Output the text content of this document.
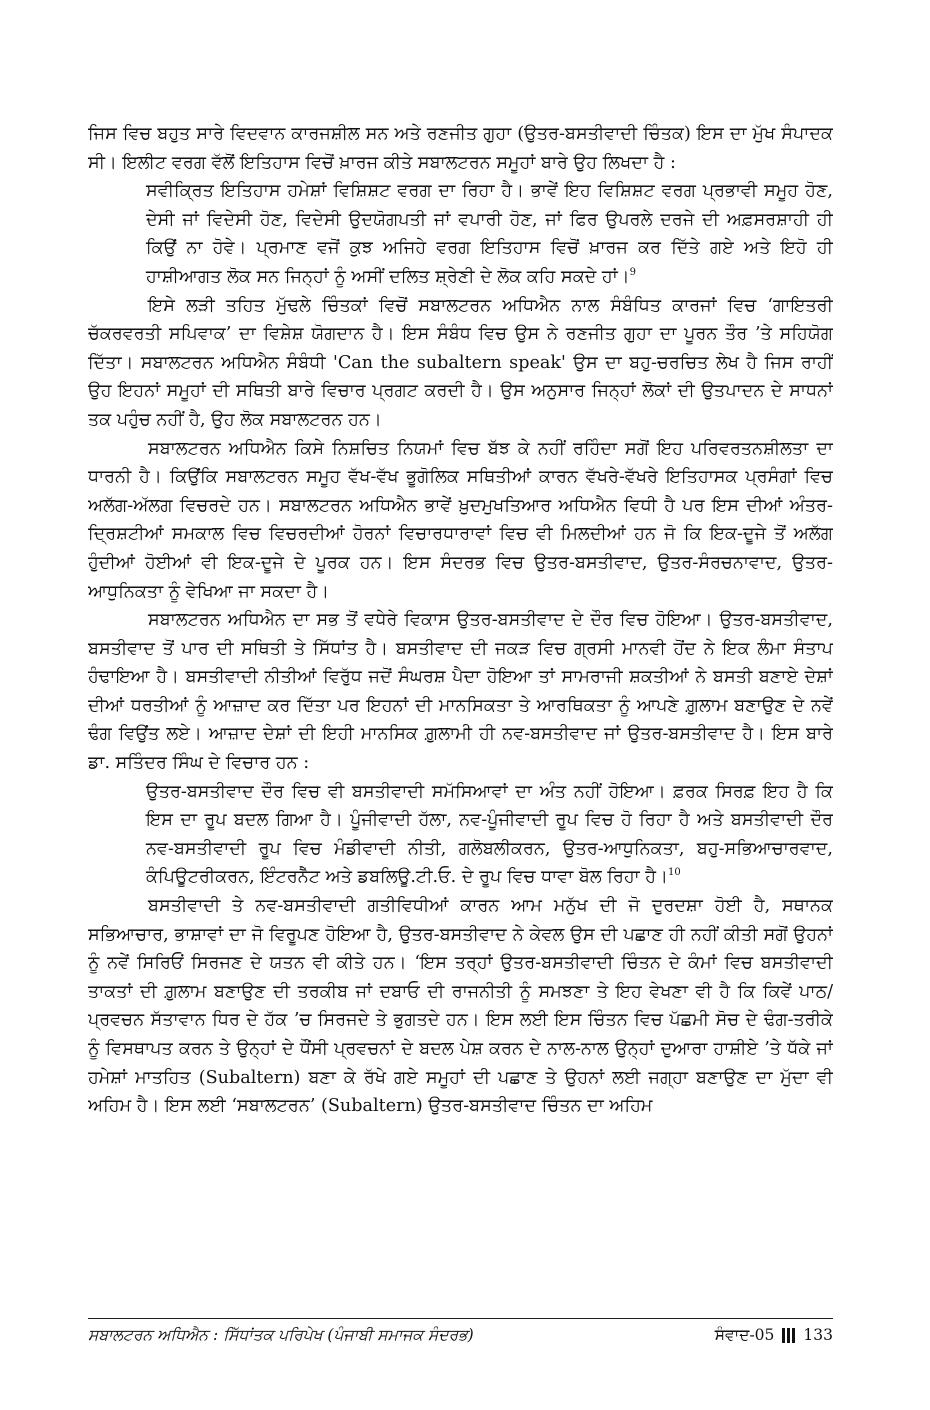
ਜਿਸ ਵਿਚ ਬਹੁਤ ਸਾਰੇ ਵਿਦਵਾਨ ਕਾਰਜਸ਼ੀਲ ਸਨ ਅਤੇ ਰਣਜੀਤ ਗੁਹਾ (ਉਤਰ-ਬਸਤੀਵਾਦੀ ਚਿੰਤਕ) ਇਸ ਦਾ ਮੁੱਖ ਸੰਪਾਦਕ ਸੀ। ਇਲੀਟ ਵਰਗ ਵੱਲੋਂ ਇਤਿਹਾਸ ਵਿਚੋਂ ਖ਼ਾਰਜ ਕੀਤੇ ਸਬਾਲਟਰਨ ਸਮੂਹਾਂ ਬਾਰੇ ਉਹ ਲਿਖਦਾ ਹੈ :

ਸਵੀਕ੍ਰਿਤ ਇਤਿਹਾਸ ਹਮੇਸ਼ਾਂ ਵਿਸ਼ਿਸ਼ਟ ਵਰਗ ਦਾ ਰਿਹਾ ਹੈ। ਭਾਵੇਂ ਇਹ ਵਿਸ਼ਿਸ਼ਟ ਵਰਗ ਪ੍ਰਭਾਵੀ ਸਮੂਹ ਹੋਣ, ਦੇਸੀ ਜਾਂ ਵਿਦੇਸੀ ਹੋਣ, ਵਿਦੇਸੀ ਉਦਯੋਗਪਤੀ ਜਾਂ ਵਪਾਰੀ ਹੋਣ, ਜਾਂ ਫਿਰ ਉਪਰਲੇ ਦਰਜੇ ਦੀ ਅਫ਼ਸਰਸ਼ਾਹੀ ਹੀ ਕਿਉਂ ਨਾ ਹੋਵੇ। ਪ੍ਰਮਾਣ ਵਜੋਂ ਕੁਝ ਅਜਿਹੇ ਵਰਗ ਇਤਿਹਾਸ ਵਿਚੋਂ ਖ਼ਾਰਜ ਕਰ ਦਿੱਤੇ ਗਏ ਅਤੇ ਇਹੋ ਹੀ ਹਾਸ਼ੀਆਗਤ ਲੋਕ ਸਨ ਜਿਨ੍ਹਾਂ ਨੂੰ ਅਸੀਂ ਦਲਿਤ ਸ਼੍ਰੇਣੀ ਦੇ ਲੋਕ ਕਹਿ ਸਕਦੇ ਹਾਂ।$^9$

ਇਸੇ ਲੜੀ ਤਹਿਤ ਮੁੱਢਲੇ ਚਿੰਤਕਾਂ ਵਿਚੋਂ ਸਬਾਲਟਰਨ ਅਧਿਐਨ ਨਾਲ ਸੰਬੰਧਿਤ ਕਾਰਜਾਂ ਵਿਚ ‘ਗਾਇਤਰੀ ਚੱਕਰਵਰਤੀ ਸਪਿਵਾਕ’ ਦਾ ਵਿਸ਼ੇਸ਼ ਯੋਗਦਾਨ ਹੈ। ਇਸ ਸੰਬੰਧ ਵਿਚ ਉਸ ਨੇ ਰਣਜੀਤ ਗੁਹਾ ਦਾ ਪੂਰਨ ਤੌਰ ’ਤੇ ਸਹਿਯੋਗ ਦਿੱਤਾ। ਸਬਾਲਟਰਨ ਅਧਿਐਨ ਸੰਬੰਧੀ 'Can the subaltern speak' ਉਸ ਦਾ ਬਹੁ-ਚਰਚਿਤ ਲੇਖ ਹੈ ਜਿਸ ਰਾਹੀਂ ਉਹ ਇਹਨਾਂ ਸਮੂਹਾਂ ਦੀ ਸਥਿਤੀ ਬਾਰੇ ਵਿਚਾਰ ਪ੍ਰਗਟ ਕਰਦੀ ਹੈ। ਉਸ ਅਨੁਸਾਰ ਜਿਨ੍ਹਾਂ ਲੋਕਾਂ ਦੀ ਉਤਪਾਦਨ ਦੇ ਸਾਧਨਾਂ ਤਕ ਪਹੁੰਚ ਨਹੀਂ ਹੈ, ਉਹ ਲੋਕ ਸਬਾਲਟਰਨ ਹਨ।

ਸਬਾਲਟਰਨ ਅਧਿਐਨ ਕਿਸੇ ਨਿਸ਼ਚਿਤ ਨਿਯਮਾਂ ਵਿਚ ਬੱਝ ਕੇ ਨਹੀਂ ਰਹਿੰਦਾ ਸਗੋਂ ਇਹ ਪਰਿਵਰਤਨਸ਼ੀਲਤਾ ਦਾ ਧਾਰਨੀ ਹੈ। ਕਿਉਂਕਿ ਸਬਾਲਟਰਨ ਸਮੂਹ ਵੱਖ-ਵੱਖ ਭੂਗੋਲਿਕ ਸਥਿਤੀਆਂ ਕਾਰਨ ਵੱਖਰੇ-ਵੱਖਰੇ ਇਤਿਹਾਸਕ ਪ੍ਰਸੰਗਾਂ ਵਿਚ ਅਲੱਗ-ਅੱਲਗ ਵਿਚਰਦੇ ਹਨ। ਸਬਾਲਟਰਨ ਅਧਿਐਨ ਭਾਵੇਂ ਖ਼ੁਦਮੁਖਤਿਆਰ ਅਧਿਐਨ ਵਿਧੀ ਹੈ ਪਰ ਇਸ ਦੀਆਂ ਅੰਤਰ-ਦ੍ਰਿਸ਼ਟੀਆਂ ਸਮਕਾਲ ਵਿਚ ਵਿਚਰਦੀਆਂ ਹੋਰਨਾਂ ਵਿਚਾਰਧਾਰਾਵਾਂ ਵਿਚ ਵੀ ਮਿਲਦੀਆਂ ਹਨ ਜੋ ਕਿ ਇਕ-ਦੂਜੇ ਤੋਂ ਅਲੱਗ ਹੁੰਦੀਆਂ ਹੋਈਆਂ ਵੀ ਇਕ-ਦੂਜੇ ਦੇ ਪੂਰਕ ਹਨ। ਇਸ ਸੰਦਰਭ ਵਿਚ ਉਤਰ-ਬਸਤੀਵਾਦ, ਉਤਰ-ਸੰਰਚਨਾਵਾਦ, ਉਤਰ-ਆਧੁਨਿਕਤਾ ਨੂੰ ਵੇਖਿਆ ਜਾ ਸਕਦਾ ਹੈ।

ਸਬਾਲਟਰਨ ਅਧਿਐਨ ਦਾ ਸਭ ਤੋਂ ਵਧੇਰੇ ਵਿਕਾਸ ਉਤਰ-ਬਸਤੀਵਾਦ ਦੇ ਦੌਰ ਵਿਚ ਹੋਇਆ। ਉਤਰ-ਬਸਤੀਵਾਦ, ਬਸਤੀਵਾਦ ਤੋਂ ਪਾਰ ਦੀ ਸਥਿਤੀ ਤੇ ਸਿੱਧਾਂਤ ਹੈ। ਬਸਤੀਵਾਦ ਦੀ ਜਕੜ ਵਿਚ ਗ੍ਰਸੀ ਮਾਨਵੀ ਹੋਂਦ ਨੇ ਇਕ ਲੰਮਾ ਸੰਤਾਪ ਹੰਢਾਇਆ ਹੈ। ਬਸਤੀਵਾਦੀ ਨੀਤੀਆਂ ਵਿਰੁੱਧ ਜਦੋਂ ਸੰਘਰਸ਼ ਪੈਦਾ ਹੋਇਆ ਤਾਂ ਸਾਮਰਾਜੀ ਸ਼ਕਤੀਆਂ ਨੇ ਬਸਤੀ ਬਣਾਏ ਦੇਸ਼ਾਂ ਦੀਆਂ ਧਰਤੀਆਂ ਨੂੰ ਆਜ਼ਾਦ ਕਰ ਦਿੱਤਾ ਪਰ ਇਹਨਾਂ ਦੀ ਮਾਨਸਿਕਤਾ ਤੇ ਆਰਥਿਕਤਾ ਨੂੰ ਆਪਣੇ ਗ਼ੁਲਾਮ ਬਣਾਉਣ ਦੇ ਨਵੇਂ ਢੰਗ ਵਿਉਂਤ ਲਏ। ਆਜ਼ਾਦ ਦੇਸ਼ਾਂ ਦੀ ਇਹੀ ਮਾਨਸਿਕ ਗ਼ੁਲਾਮੀ ਹੀ ਨਵ-ਬਸਤੀਵਾਦ ਜਾਂ ਉਤਰ-ਬਸਤੀਵਾਦ ਹੈ। ਇਸ ਬਾਰੇ ਡਾ. ਸਤਿੰਦਰ ਸਿੰਘ ਦੇ ਵਿਚਾਰ ਹਨ :

ਉਤਰ-ਬਸਤੀਵਾਦ ਦੌਰ ਵਿਚ ਵੀ ਬਸਤੀਵਾਦੀ ਸਮੱਸਿਆਵਾਂ ਦਾ ਅੰਤ ਨਹੀਂ ਹੋਇਆ। ਫ਼ਰਕ ਸਿਰਫ਼ ਇਹ ਹੈ ਕਿ ਇਸ ਦਾ ਰੂਪ ਬਦਲ ਗਿਆ ਹੈ। ਪੂੰਜੀਵਾਦੀ ਹੱਲਾ, ਨਵ-ਪੂੰਜੀਵਾਦੀ ਰੂਪ ਵਿਚ ਹੋ ਰਿਹਾ ਹੈ ਅਤੇ ਬਸਤੀਵਾਦੀ ਦੌਰ ਨਵ-ਬਸਤੀਵਾਦੀ ਰੂਪ ਵਿਚ ਮੰਡੀਵਾਦੀ ਨੀਤੀ, ਗਲੋਬਲੀਕਰਨ, ਉਤਰ-ਆਧੁਨਿਕਤਾ, ਬਹੁ-ਸਭਿਆਚਾਰਵਾਦ, ਕੰਪਿਊਟਰੀਕਰਨ, ਇੰਟਰਨੈੱਟ ਅਤੇ ਡਬਲਿਊ.ਟੀ.ਓ. ਦੇ ਰੂਪ ਵਿਚ ਧਾਵਾ ਬੋਲ ਰਿਹਾ ਹੈ।$^{10}$

ਬਸਤੀਵਾਦੀ ਤੇ ਨਵ-ਬਸਤੀਵਾਦੀ ਗਤੀਵਿਧੀਆਂ ਕਾਰਨ ਆਮ ਮਨੁੱਖ ਦੀ ਜੋ ਦੁਰਦਸ਼ਾ ਹੋਈ ਹੈ, ਸਥਾਨਕ ਸਭਿਆਚਾਰ, ਭਾਸ਼ਾਵਾਂ ਦਾ ਜੋ ਵਿਰੂਪਣ ਹੋਇਆ ਹੈ, ਉਤਰ-ਬਸਤੀਵਾਦ ਨੇ ਕੇਵਲ ਉਸ ਦੀ ਪਛਾਣ ਹੀ ਨਹੀਂ ਕੀਤੀ ਸਗੋਂ ਉਹਨਾਂ ਨੂੰ ਨਵੇਂ ਸਿਰਿਓਂ ਸਿਰਜਣ ਦੇ ਯਤਨ ਵੀ ਕੀਤੇ ਹਨ। ‘ਇਸ ਤਰ੍ਹਾਂ ਉਤਰ-ਬਸਤੀਵਾਦੀ ਚਿੰਤਨ ਦੇ ਕੰਮਾਂ ਵਿਚ ਬਸਤੀਵਾਦੀ ਤਾਕਤਾਂ ਦੀ ਗ਼ੁਲਾਮ ਬਣਾਉਣ ਦੀ ਤਰਕੀਬ ਜਾਂ ਦਬਾਓ ਦੀ ਰਾਜਨੀਤੀ ਨੂੰ ਸਮਝਣਾ ਤੇ ਇਹ ਵੇਖਣਾ ਵੀ ਹੈ ਕਿ ਕਿਵੇਂ ਪਾਠ/ਪ੍ਰਵਚਨ ਸੱਤਾਵਾਨ ਧਿਰ ਦੇ ਹੱਕ ’ਚ ਸਿਰਜਦੇ ਤੇ ਭੁਗਤਦੇ ਹਨ। ਇਸ ਲਈ ਇਸ ਚਿੰਤਨ ਵਿਚ ਪੱਛਮੀ ਸੋਚ ਦੇ ਢੰਗ-ਤਰੀਕੇ ਨੂੰ ਵਿਸਥਾਪਤ ਕਰਨ ਤੇ ਉਨ੍ਹਾਂ ਦੇ ਧੌਂਸੀ ਪ੍ਰਵਚਨਾਂ ਦੇ ਬਦਲ ਪੇਸ਼ ਕਰਨ ਦੇ ਨਾਲ-ਨਾਲ ਉਨ੍ਹਾਂ ਦੁਆਰਾ ਹਾਸ਼ੀਏ ’ਤੇ ਧੱਕੇ ਜਾਂ ਹਮੇਸ਼ਾਂ ਮਾਤਹਿਤ (Subaltern) ਬਣਾ ਕੇ ਰੱਖੇ ਗਏ ਸਮੂਹਾਂ ਦੀ ਪਛਾਣ ਤੇ ਉਹਨਾਂ ਲਈ ਜਗ੍ਹਾ ਬਣਾਉਣ ਦਾ ਮੁੱਦਾ ਵੀ ਅਹਿਮ ਹੈ। ਇਸ ਲਈ ‘ਸਬਾਲਟਰਨ’ (Subaltern) ਉਤਰ-ਬਸਤੀਵਾਦ ਚਿੰਤਨ ਦਾ ਅਹਿਮ

ਸਬਾਲਟਰਨ ਅਧਿਐਨ : ਸਿੱਧਾਂਤਕ ਪਰਿਪੇਖ (ਪੰਜਾਬੀ ਸਮਾਜਕ ਸੰਦਰਭ)	ਸੰਵਾਦ-05 133
